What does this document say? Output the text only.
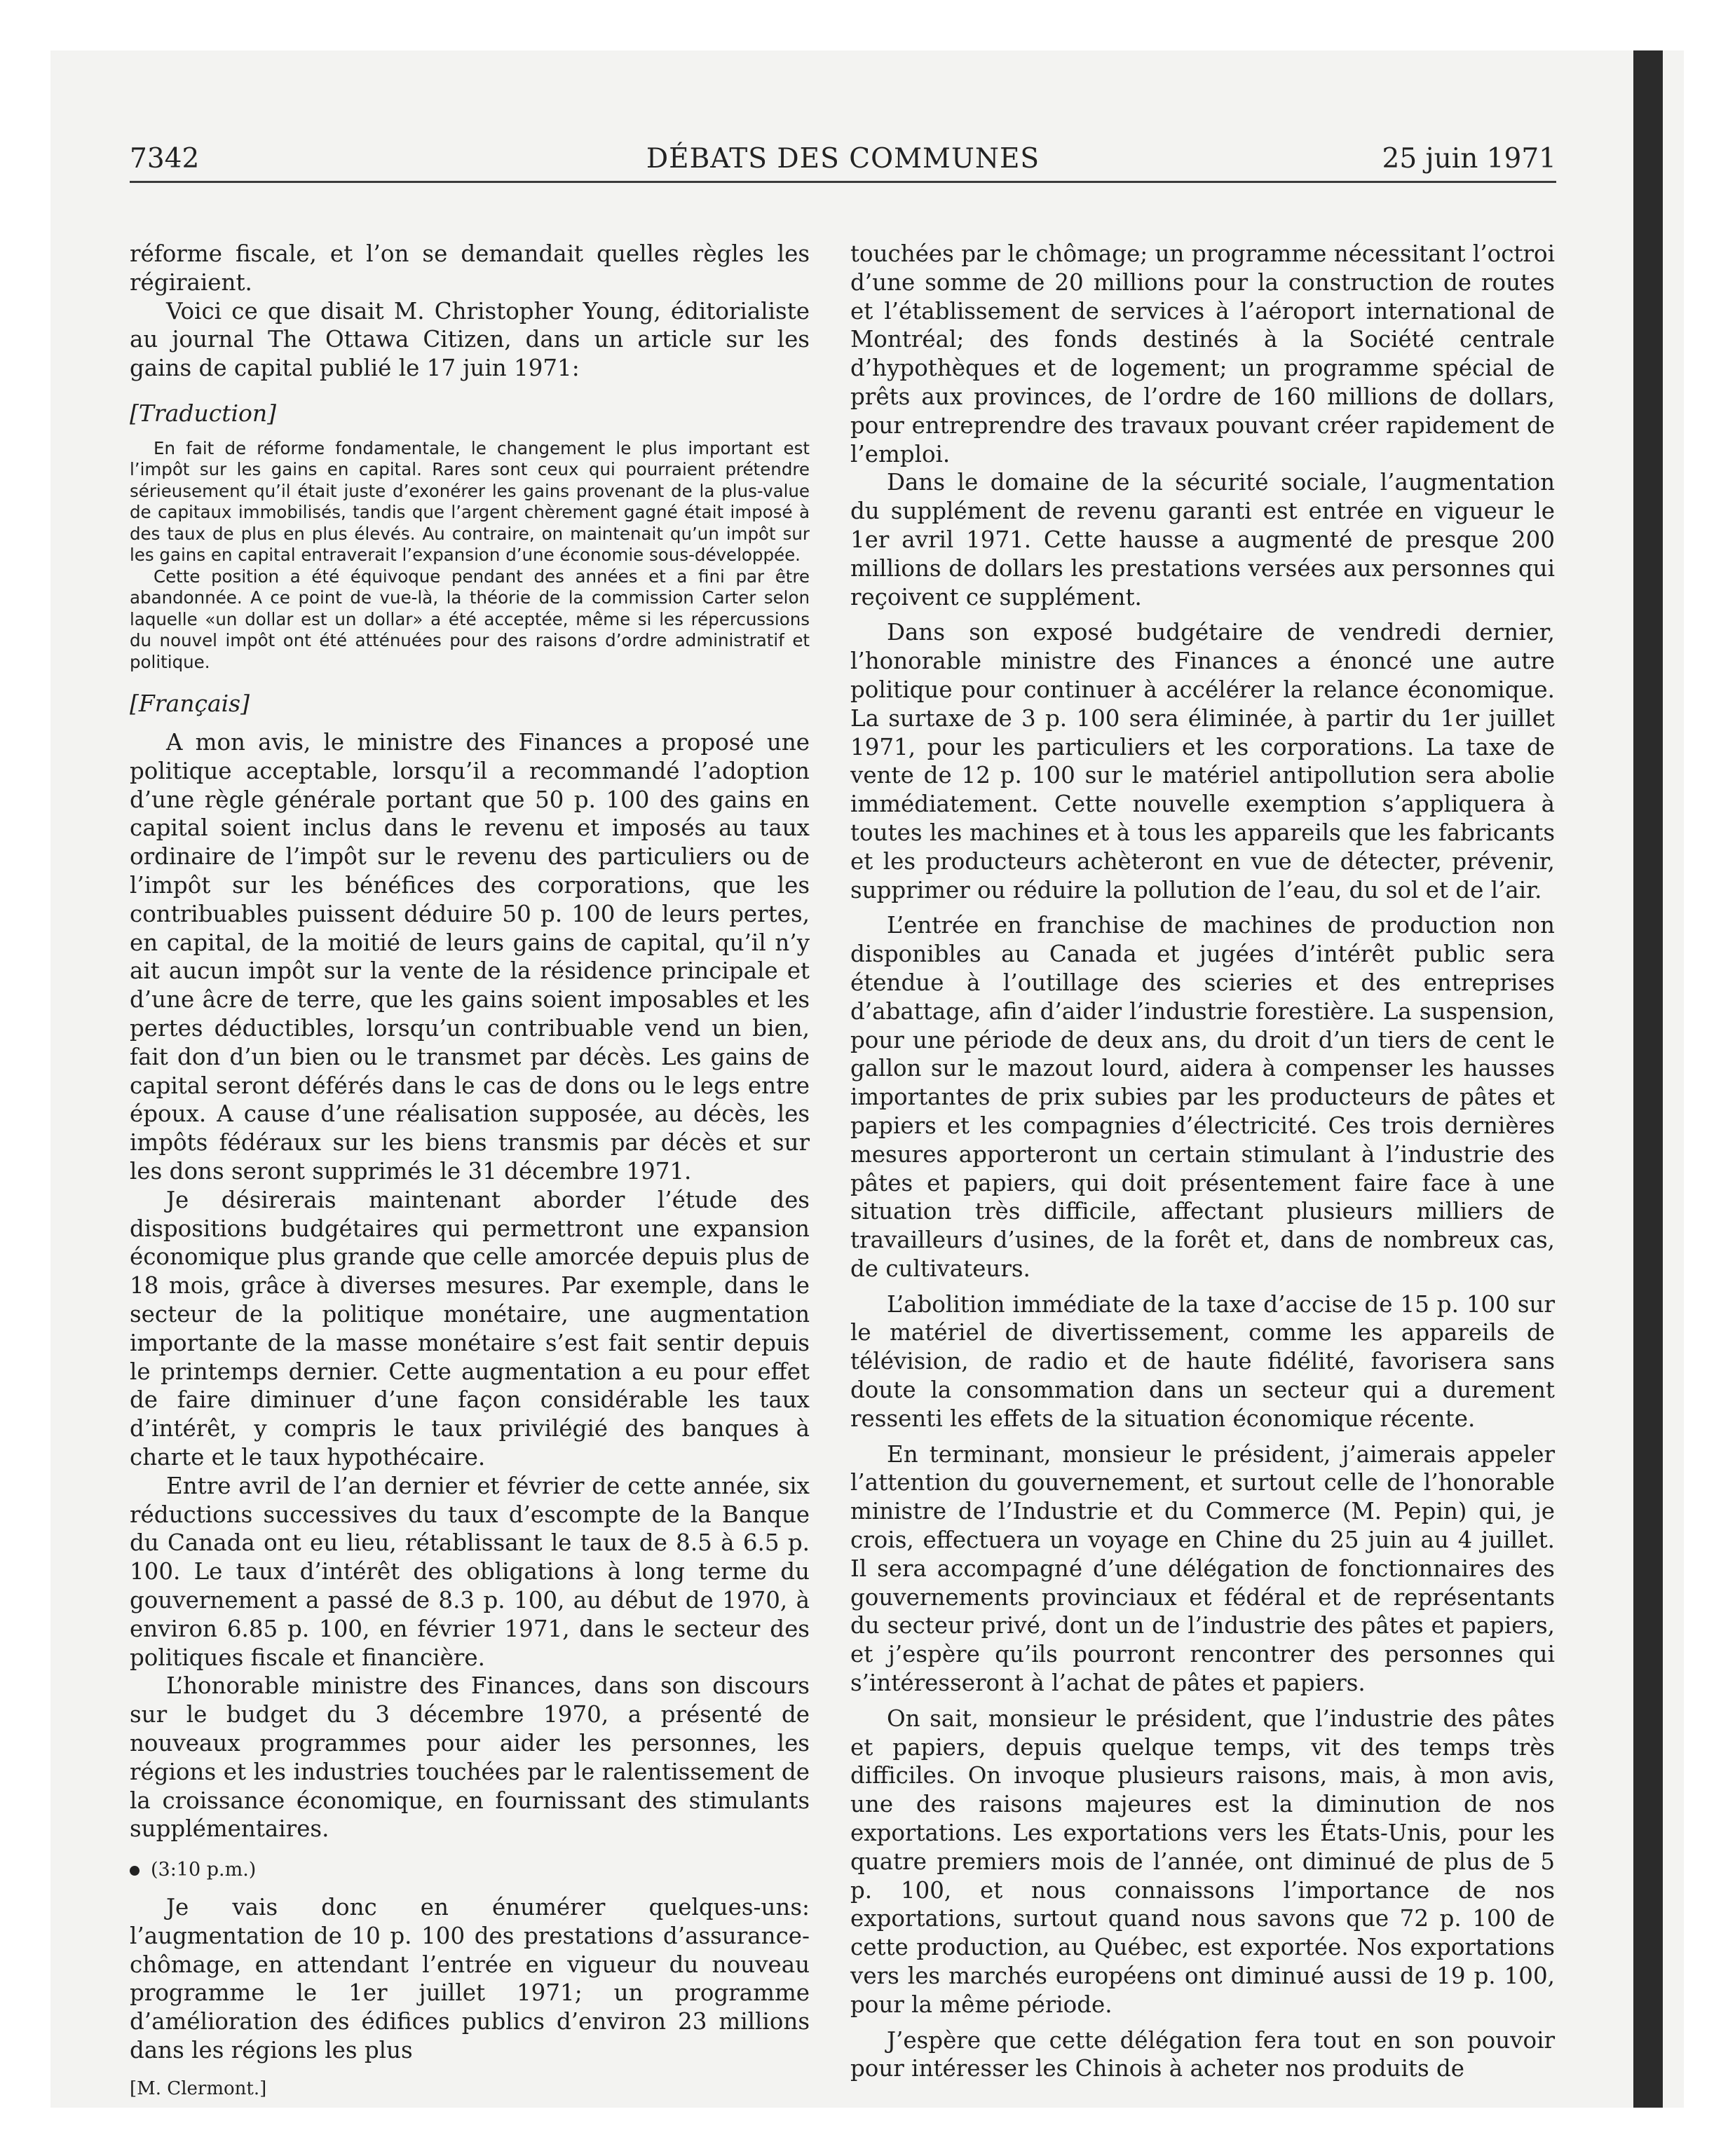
DÉBATS DES COMMUNES
7342	25 juin 1971

réforme fiscale, et l’on se demandait quelles règles les régiraient.

Voici ce que disait M. Christopher Young, éditorialiste au journal The Ottawa Citizen, dans un article sur les gains de capital publié le 17 juin 1971:

[Traduction]

En fait de réforme fondamentale, le changement le plus important est l’impôt sur les gains en capital. Rares sont ceux qui pourraient prétendre sérieusement qu’il était juste d’exonérer les gains provenant de la plus-value de capitaux immobilisés, tandis que l’argent chèrement gagné était imposé à des taux de plus en plus élevés. Au contraire, on maintenait qu’un impôt sur les gains en capital entraverait l’expansion d’une économie sous-développée.

Cette position a été équivoque pendant des années et a fini par être abandonnée. A ce point de vue-là, la théorie de la commission Carter selon laquelle «un dollar est un dollar» a été acceptée, même si les répercussions du nouvel impôt ont été atténuées pour des raisons d’ordre administratif et politique.

[Français]

A mon avis, le ministre des Finances a proposé une politique acceptable, lorsqu’il a recommandé l’adoption d’une règle générale portant que 50 p. 100 des gains en capital soient inclus dans le revenu et imposés au taux ordinaire de l’impôt sur le revenu des particuliers ou de l’impôt sur les bénéfices des corporations, que les contribuables puissent déduire 50 p. 100 de leurs pertes, en capital, de la moitié de leurs gains de capital, qu’il n’y ait aucun impôt sur la vente de la résidence principale et d’une âcre de terre, que les gains soient imposables et les pertes déductibles, lorsqu’un contribuable vend un bien, fait don d’un bien ou le transmet par décès. Les gains de capital seront déférés dans le cas de dons ou le legs entre époux. A cause d’une réalisation supposée, au décès, les impôts fédéraux sur les biens transmis par décès et sur les dons seront supprimés le 31 décembre 1971.

Je désirerais maintenant aborder l’étude des dispositions budgétaires qui permettront une expansion économique plus grande que celle amorcée depuis plus de 18 mois, grâce à diverses mesures. Par exemple, dans le secteur de la politique monétaire, une augmentation importante de la masse monétaire s’est fait sentir depuis le printemps dernier. Cette augmentation a eu pour effet de faire diminuer d’une façon considérable les taux d’intérêt, y compris le taux privilégié des banques à charte et le taux hypothécaire.

Entre avril de l’an dernier et février de cette année, six réductions successives du taux d’escompte de la Banque du Canada ont eu lieu, rétablissant le taux de 8.5 à 6.5 p. 100. Le taux d’intérêt des obligations à long terme du gouvernement a passé de 8.3 p. 100, au début de 1970, à environ 6.85 p. 100, en février 1971, dans le secteur des politiques fiscale et financière.

L’honorable ministre des Finances, dans son discours sur le budget du 3 décembre 1970, a présenté de nouveaux programmes pour aider les personnes, les régions et les industries touchées par le ralentissement de la croissance économique, en fournissant des stimulants supplémentaires.

(3:10 p.m.)

Je vais donc en énumérer quelques-uns: l’augmentation de 10 p. 100 des prestations d’assurance-chômage, en attendant l’entrée en vigueur du nouveau programme le 1er juillet 1971; un programme d’amélioration des édifices publics d’environ 23 millions dans les régions les plus

[M. Clermont.]

touchées par le chômage; un programme nécessitant l’octroi d’une somme de 20 millions pour la construction de routes et l’établissement de services à l’aéroport international de Montréal; des fonds destinés à la Société centrale d’hypothèques et de logement; un programme spécial de prêts aux provinces, de l’ordre de 160 millions de dollars, pour entreprendre des travaux pouvant créer rapidement de l’emploi.

Dans le domaine de la sécurité sociale, l’augmentation du supplément de revenu garanti est entrée en vigueur le 1er avril 1971. Cette hausse a augmenté de presque 200 millions de dollars les prestations versées aux personnes qui reçoivent ce supplément.

Dans son exposé budgétaire de vendredi dernier, l’honorable ministre des Finances a énoncé une autre politique pour continuer à accélérer la relance économique. La surtaxe de 3 p. 100 sera éliminée, à partir du 1er juillet 1971, pour les particuliers et les corporations. La taxe de vente de 12 p. 100 sur le matériel antipollution sera abolie immédiatement. Cette nouvelle exemption s’appliquera à toutes les machines et à tous les appareils que les fabricants et les producteurs achèteront en vue de détecter, prévenir, supprimer ou réduire la pollution de l’eau, du sol et de l’air.

L’entrée en franchise de machines de production non disponibles au Canada et jugées d’intérêt public sera étendue à l’outillage des scieries et des entreprises d’abattage, afin d’aider l’industrie forestière. La suspension, pour une période de deux ans, du droit d’un tiers de cent le gallon sur le mazout lourd, aidera à compenser les hausses importantes de prix subies par les producteurs de pâtes et papiers et les compagnies d’électricité. Ces trois dernières mesures apporteront un certain stimulant à l’industrie des pâtes et papiers, qui doit présentement faire face à une situation très difficile, affectant plusieurs milliers de travailleurs d’usines, de la forêt et, dans de nombreux cas, de cultivateurs.

L’abolition immédiate de la taxe d’accise de 15 p. 100 sur le matériel de divertissement, comme les appareils de télévision, de radio et de haute fidélité, favorisera sans doute la consommation dans un secteur qui a durement ressenti les effets de la situation économique récente.

En terminant, monsieur le président, j’aimerais appeler l’attention du gouvernement, et surtout celle de l’honorable ministre de l’Industrie et du Commerce (M. Pepin) qui, je crois, effectuera un voyage en Chine du 25 juin au 4 juillet. Il sera accompagné d’une délégation de fonctionnaires des gouvernements provinciaux et fédéral et de représentants du secteur privé, dont un de l’industrie des pâtes et papiers, et j’espère qu’ils pourront rencontrer des personnes qui s’intéresseront à l’achat de pâtes et papiers.

On sait, monsieur le président, que l’industrie des pâtes et papiers, depuis quelque temps, vit des temps très difficiles. On invoque plusieurs raisons, mais, à mon avis, une des raisons majeures est la diminution de nos exportations. Les exportations vers les États-Unis, pour les quatre premiers mois de l’année, ont diminué de plus de 5 p. 100, et nous connaissons l’importance de nos exportations, surtout quand nous savons que 72 p. 100 de cette production, au Québec, est exportée. Nos exportations vers les marchés européens ont diminué aussi de 19 p. 100, pour la même période.

J’espère que cette délégation fera tout en son pouvoir pour intéresser les Chinois à acheter nos produits de
